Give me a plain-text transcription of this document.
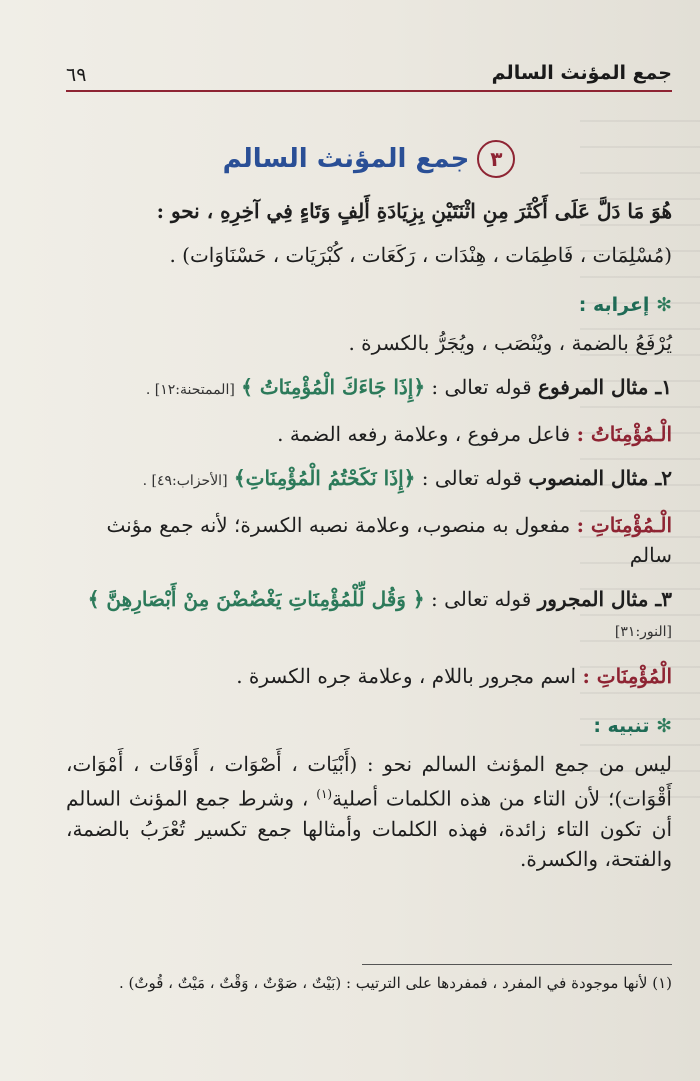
جمع المؤنث السالم
٦٩
٣
جمع المؤنث السالم

هُوَ مَا دَلَّ عَلَى أَكْثَرَ مِنِ اثْنَتَيْنِ بِزِيَادَةِ أَلِفٍ وَتَاءٍ فِي آخِرِهِ ، نحو :

(مُسْلِمَات ، فَاطِمَات ، هِنْدَات ، رَكَعَات ، كُبْرَيَات ، حَسْنَاوَات) .

✻ إعرابه :

يُرْفَعُ بالضمة ، ويُنْصَب ، ويُجَرُّ بالكسرة .

١ـ مثال المرفوع قوله تعالى : ﴿إِذَا جَاءَكَ الْمُؤْمِنَاتُ ﴾ [الممتحنة:١٢] .

الْـمُؤْمِنَاتُ : فاعل مرفوع ، وعلامة رفعه الضمة .

٢ـ مثال المنصوب قوله تعالى : ﴿إِذَا نَكَحْتُمُ الْمُؤْمِنَاتِ﴾ [الأحزاب:٤٩] .

الْـمُؤْمِنَاتِ : مفعول به منصوب، وعلامة نصبه الكسرة؛ لأنه جمع مؤنث سالم

٣ـ مثال المجرور قوله تعالى : ﴿ وَقُل لِّلْمُؤْمِنَاتِ يَغْضُضْنَ مِنْ أَبْصَارِهِنَّ ﴾ [النور:٣١]

الْمُؤْمِنَاتِ : اسم مجرور باللام ، وعلامة جره الكسرة .

✻ تنبيه :

ليس من جمع المؤنث السالم نحو : (أَبْيَات ، أَصْوَات ، أَوْقَات ، أَمْوَات، أَقْوَات)؛ لأن التاء من هذه الكلمات أصلية$^{(١)}$ ، وشرط جمع المؤنث السالم أن تكون التاء زائدة، فهذه الكلمات وأمثالها جمع تكسير تُعْرَبُ بالضمة، والفتحة، والكسرة.

(١) لأنها موجودة في المفرد ، فمفردها على الترتيب : (بَيْتٌ ، صَوْتٌ ، وَقْتٌ ، مَيْتٌ ، قُوتٌ) .
